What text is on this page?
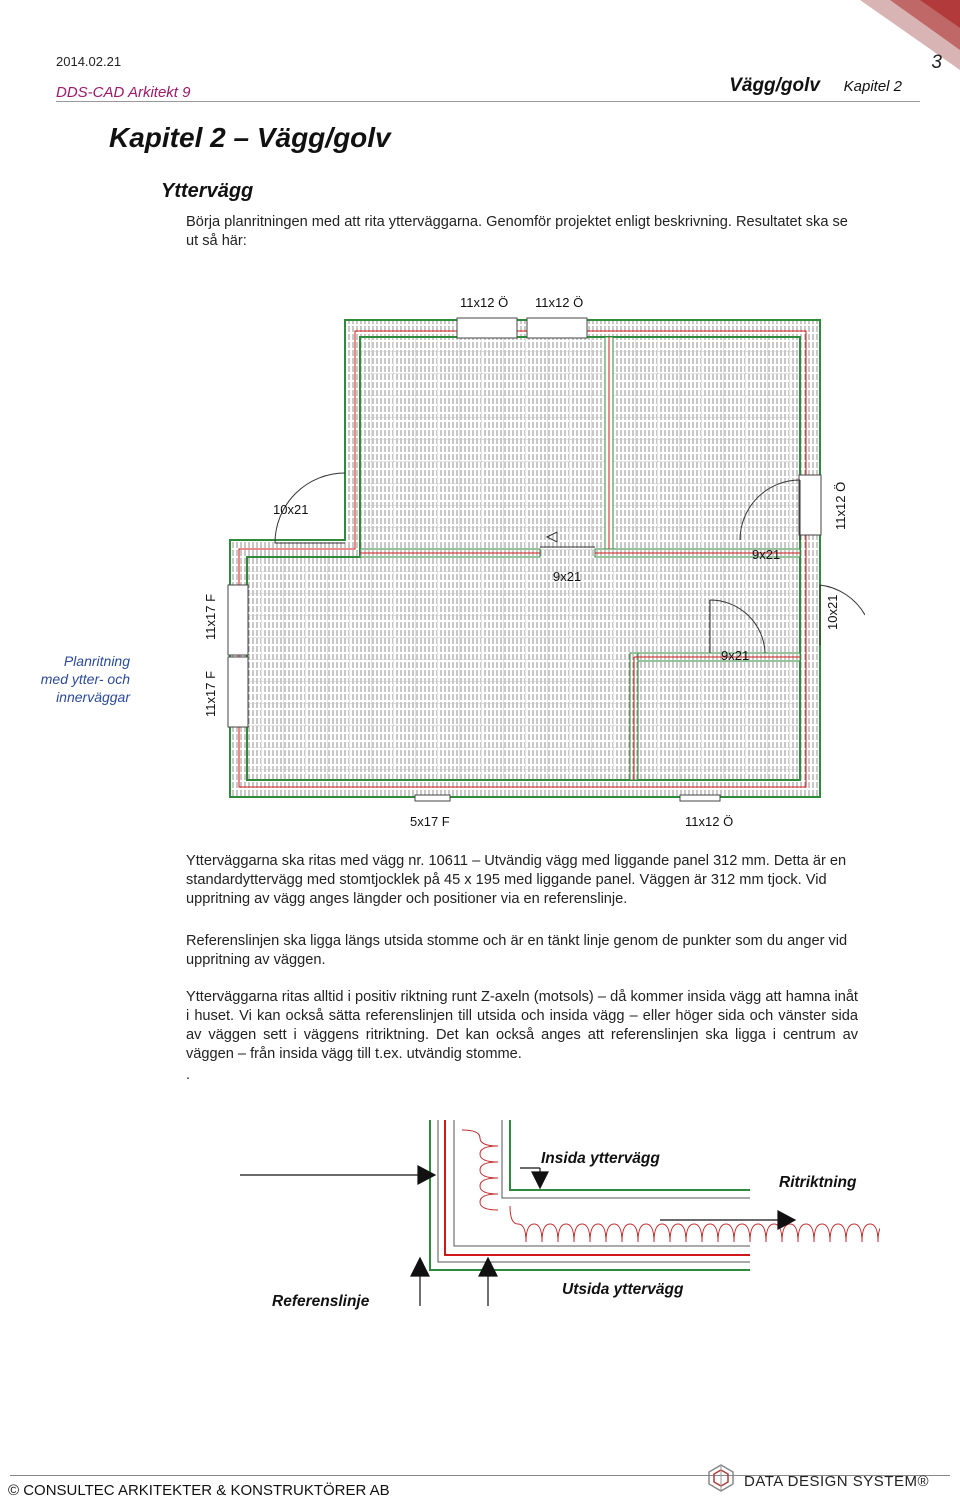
3
2014.02.21
DDS-CAD Arkitekt 9	Vägg/golv Kapitel 2
Kapitel 2 – Vägg/golv
Yttervägg
Börja planritningen med att rita ytterväggarna. Genomför projektet enligt beskrivning. Resultatet ska se ut så här:
Planritning med ytter- och innerväggar
11x12 Ö 11x12 Ö
10x21
9x21
9x21
9x21
5x17 F	11x12 Ö
11x12 Ö
10x21
11x17 F
11x17 F
Ytterväggarna ska ritas med vägg nr. 10611 – Utvändig vägg med liggande panel 312 mm. Detta är en standardyttervägg med stomtjocklek på 45 x 195 med liggande panel. Väggen är 312 mm tjock. Vid uppritning av vägg anges längder och positioner via en referenslinje.
Referenslinjen ska ligga längs utsida stomme och är en tänkt linje genom de punkter som du anger vid uppritning av väggen.
Ytterväggarna ritas alltid i positiv riktning runt Z-axeln (motsols) – då kommer insida vägg att hamna inåt i huset. Vi kan också sätta referenslinjen till utsida och insida vägg – eller höger sida och vänster sida av väggen sett i väggens ritriktning. Det kan också anges att referenslinjen ska ligga i centrum av väggen – från insida vägg till t.ex. utvändig stomme.
.
Insida yttervägg
Ritriktning
Referenslinje
Utsida yttervägg
© CONSULTEC ARKITEKTER & KONSTRUKTÖRER AB
DATA DESIGN SYSTEM®
